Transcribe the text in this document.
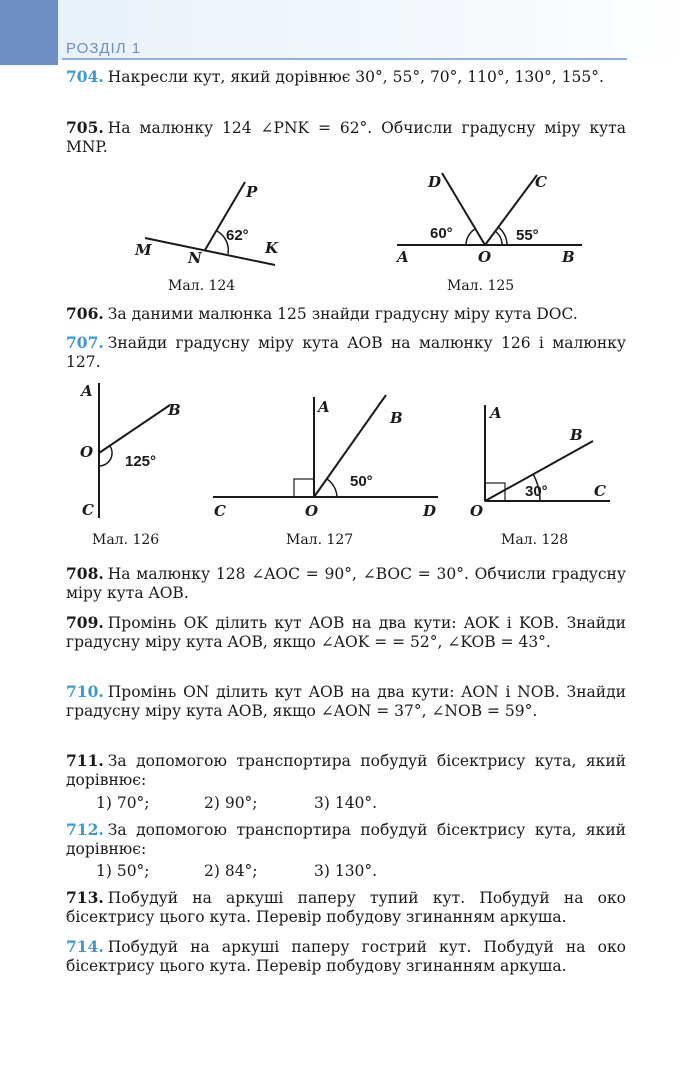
РОЗДІЛ 1
704. Накресли кут, який дорівнює 30°, 55°, 70°, 110°, 130°, 155°.
705. На малюнку 124 ∠PNK = 62°. Обчисли градусну міру кута MNP.
M N
P
K
62°
Мал. 124
D	C
A	O	B
60°	55°
Мал. 125
706. За даними малюнка 125 знайди градусну міру кута DOC.
707. Знайди градусну міру кута AOB на малюнку 126 і малюнку 127.
A
B
O
C
125°
Мал. 126
A
B
C	O	D
50°
Мал. 127
A
B
O
C
30°
Мал. 128
708. На малюнку 128 ∠AOC = 90°, ∠BOC = 30°. Обчисли градусну міру кута AOB.
709. Промінь OK ділить кут AOB на два кути: AOK і KOB. Знайди градусну міру кута AOB, якщо ∠AOK = = 52°, ∠KOB = 43°.
710. Промінь ON ділить кут AOB на два кути: AON і NOB. Знайди градусну міру кута AOB, якщо ∠AON = 37°, ∠NOB = 59°.
711. За допомогою транспортира побудуй бісектрису кута, який дорівнює:
1) 70°;	2) 90°;	3) 140°.
712. За допомогою транспортира побудуй бісектрису кута, який дорівнює:
1) 50°;	2) 84°;	3) 130°.
713. Побудуй на аркуші паперу тупий кут. Побудуй на око бісектрису цього кута. Перевір побудову згинанням аркуша.
714. Побудуй на аркуші паперу гострий кут. Побудуй на око бісектрису цього кута. Перевір побудову згинанням аркуша.
